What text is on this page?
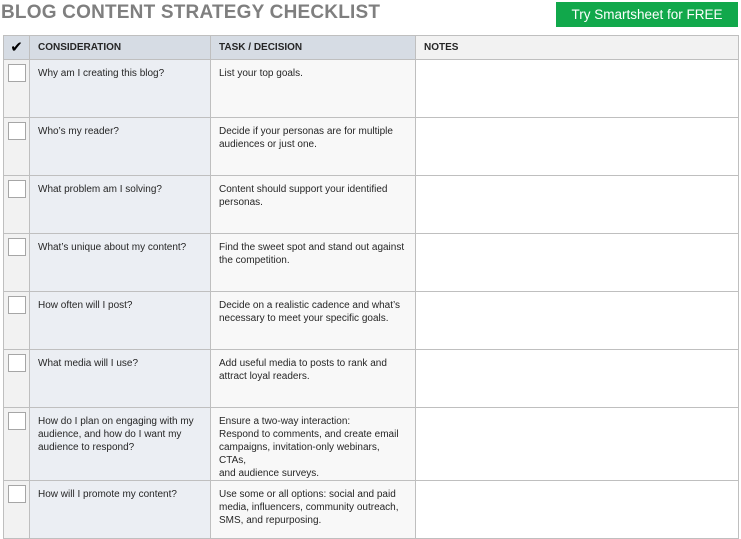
BLOG CONTENT STRATEGY CHECKLIST	Try Smartsheet for FREE
✔	CONSIDERATION	TASK / DECISION	NOTES

	Why am I creating this blog?	List your top goals.	

	Who’s my reader?	Decide if your personas are for multiple
audiences or just one.	

	What problem am I solving?	Content should support your identified
personas.	

	What’s unique about my content?	Find the sweet spot and stand out against
the competition.	

	How often will I post?	Decide on a realistic cadence and what’s
necessary to meet your specific goals.	

	What media will I use?	Add useful media to posts to rank and
attract loyal readers.	

	How do I plan on engaging with my
audience, and how do I want my
audience to respond?	Ensure a two-way interaction:
Respond to comments, and create email
campaigns, invitation-only webinars, CTAs,
and audience surveys.	

	How will I promote my content?	Use some or all options: social and paid
media, influencers, community outreach,
SMS, and repurposing.	
